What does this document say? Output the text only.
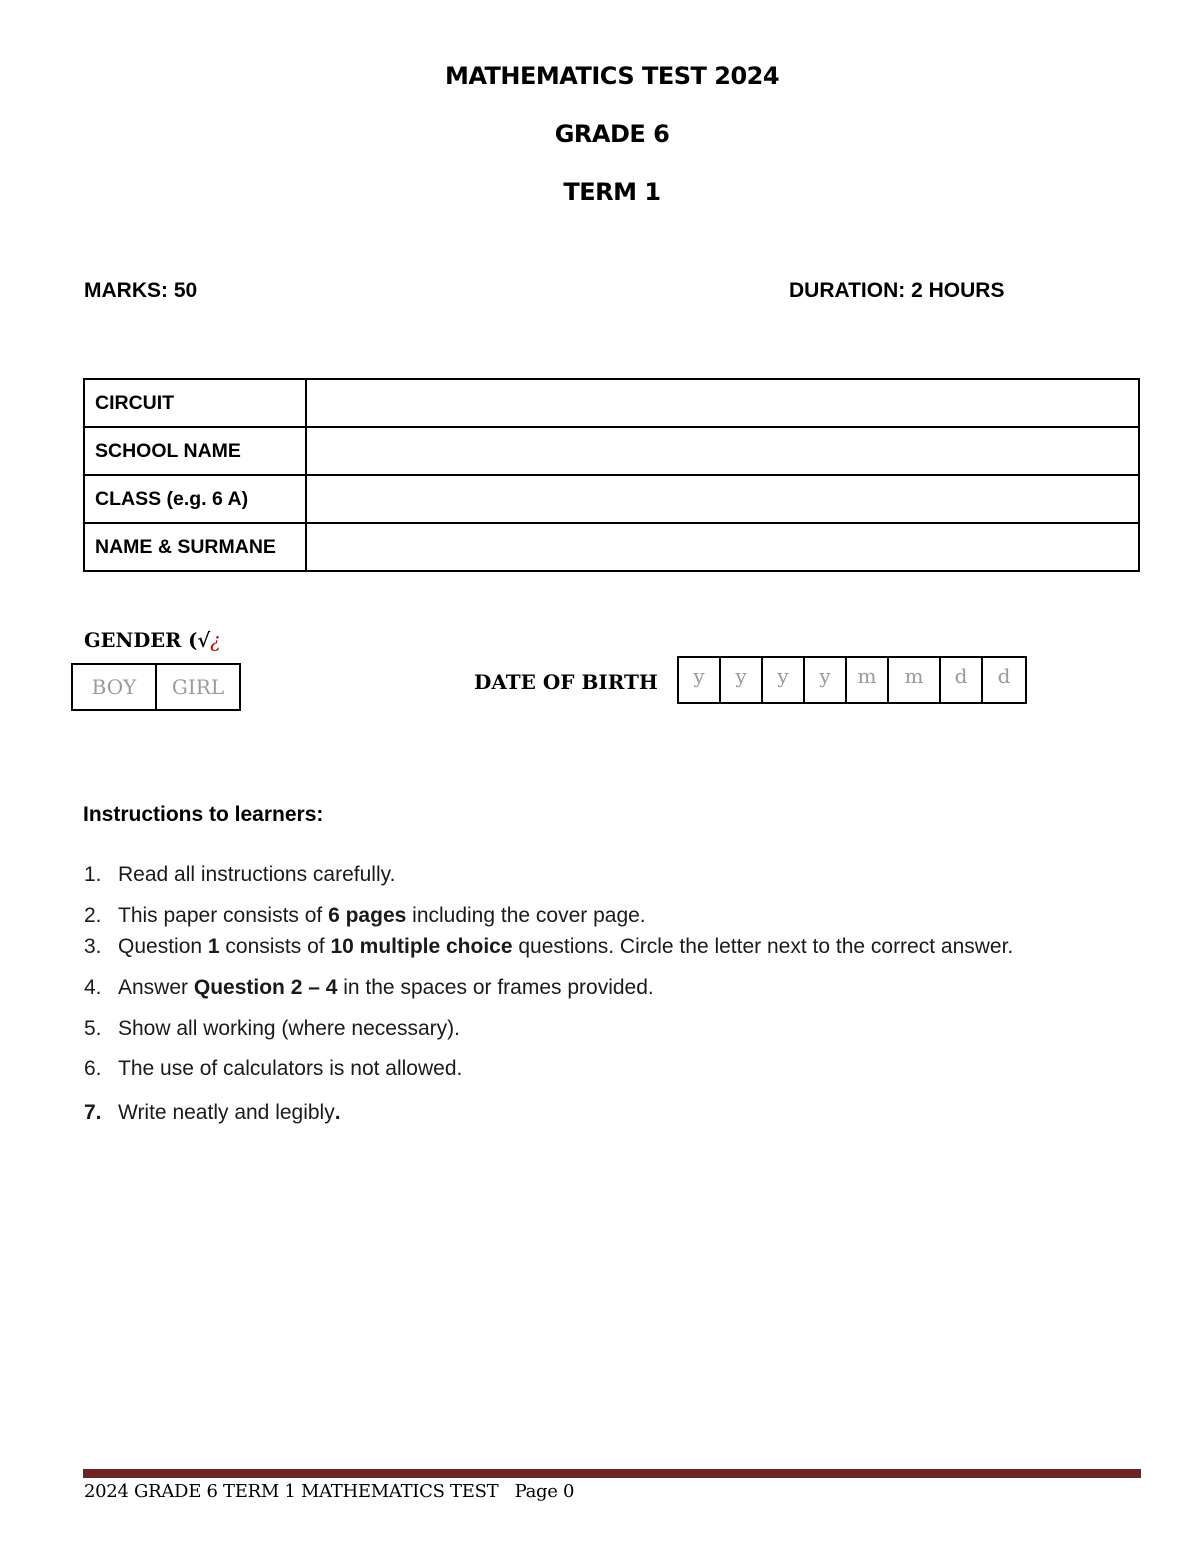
MATHEMATICS TEST 2024
GRADE 6
TERM 1
MARKS: 50	DURATION: 2 HOURS
CIRCUIT	
SCHOOL NAME	
CLASS (e.g. 6 A)	
NAME & SURMANE	
GENDER (√¿
BOY	GIRL	DATE OF BIRTH	y	y	y	y	m	m	d	d
Instructions to learners:
1. Read all instructions carefully.
2. This paper consists of 6 pages including the cover page.
3. Question 1 consists of 10 multiple choice questions. Circle the letter next to the correct answer.
4. Answer Question 2 – 4 in the spaces or frames provided.
5. Show all working (where necessary).
6. The use of calculators is not allowed.
7. Write neatly and legibly.
2024 GRADE 6 TERM 1 MATHEMATICS TEST   Page 0
